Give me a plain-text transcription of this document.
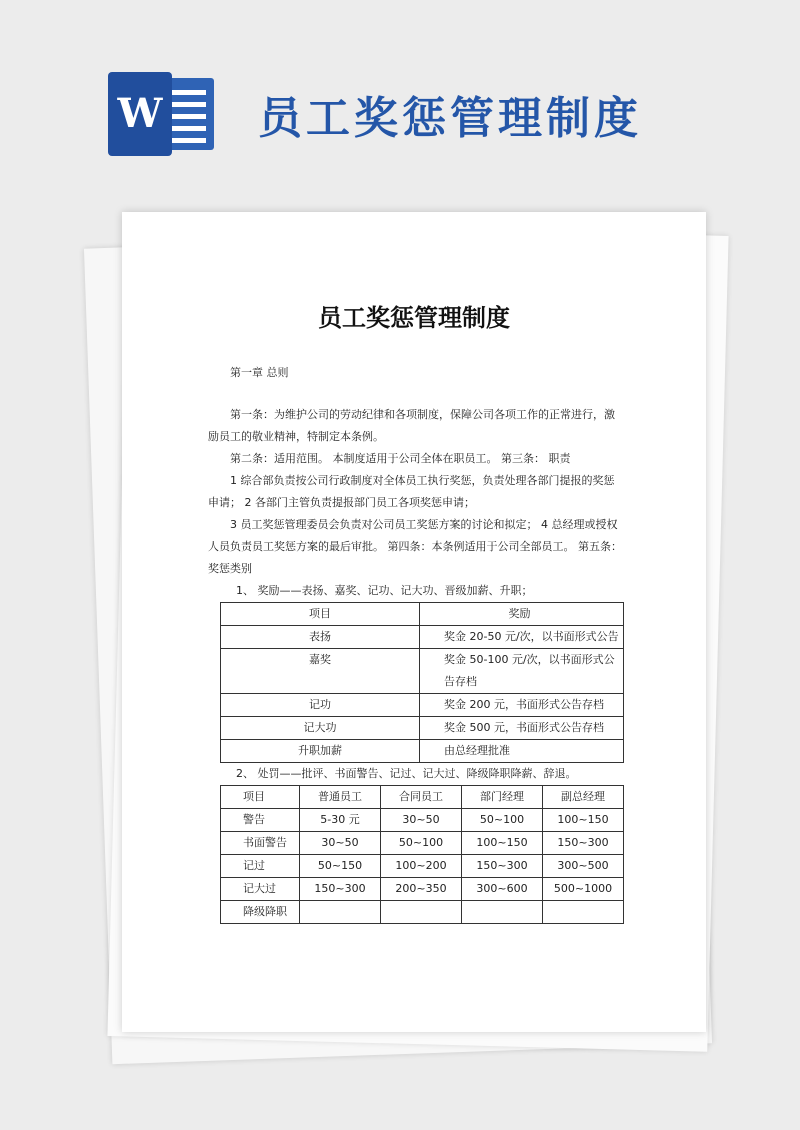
W 员工奖惩管理制度
员工奖惩管理制度

第一章 总则

第一条：为维护公司的劳动纪律和各项制度，保障公司各项工作的正常进行，激励员工的敬业精神，特制定本条例。

第二条：适用范围。 本制度适用于公司全体在职员工。 第三条： 职责

1 综合部负责按公司行政制度对全体员工执行奖惩，负责处理各部门提报的奖惩申请； 2 各部门主管负责提报部门员工各项奖惩申请；

3 员工奖惩管理委员会负责对公司员工奖惩方案的讨论和拟定； 4 总经理或授权人员负责员工奖惩方案的最后审批。 第四条：本条例适用于公司全部员工。 第五条：奖惩类别

1、 奖励——表扬、嘉奖、记功、记大功、晋级加薪、升职；

项目	奖励
表扬	奖金 20-50 元/次，以书面形式公告
嘉奖	奖金 50-100 元/次，以书面形式公告存档
记功	奖金 200 元，书面形式公告存档
记大功	奖金 500 元，书面形式公告存档
升职加薪	由总经理批准

2、 处罚——批评、书面警告、记过、记大过、降级降职降薪、辞退。

项目	普通员工	合同员工	部门经理	副总经理
警告	5-30 元	30~50	50~100	100~150
书面警告	30~50	50~100	100~150	150~300
记过	50~150	100~200	150~300	300~500
记大过	150~300	200~350	300~600	500~1000
降级降职				
